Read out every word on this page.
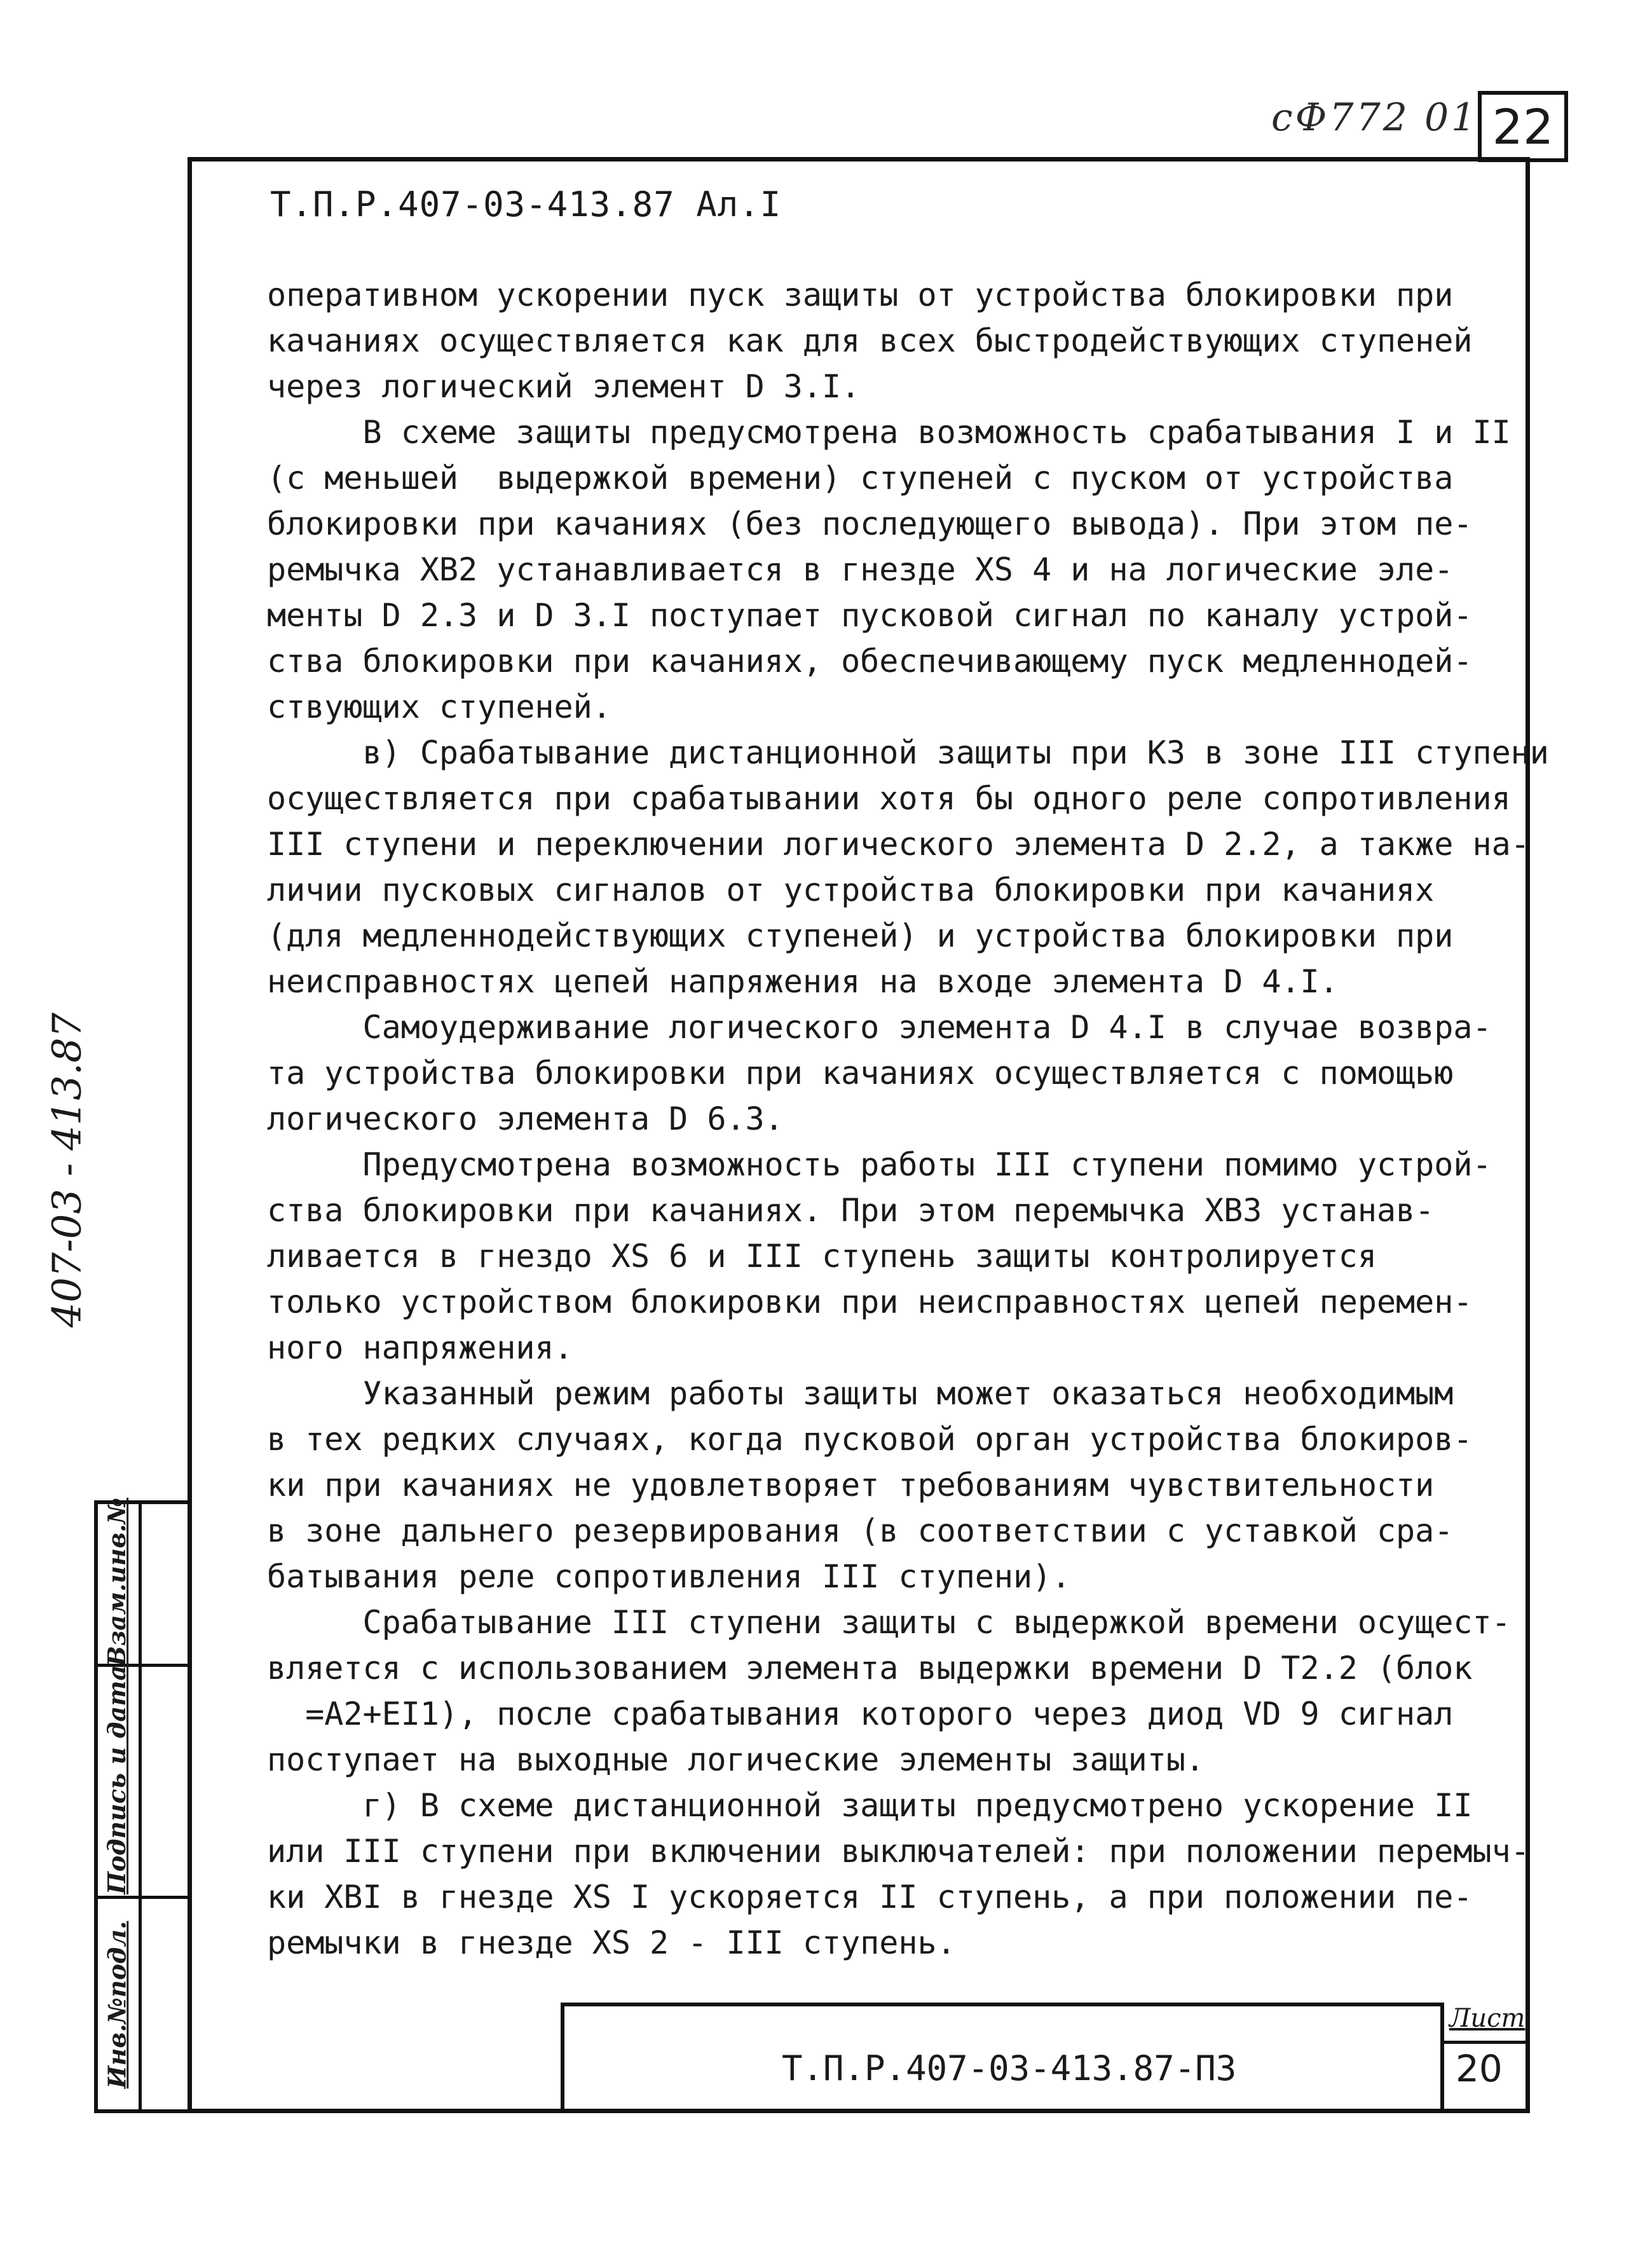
сФ772 01 22
Т.П.Р.407-03-413.87 Ал.I

оперативном ускорении пуск защиты от устройства блокировки при

качаниях осуществляется как для всех быстродействующих ступеней

через логический элемент D 3.I.

В схеме защиты предусмотрена возможность срабатывания I и II

(с меньшей  выдержкой времени) ступеней с пуском от устройства

блокировки при качаниях (без последующего вывода). При этом пе-

ремычка ХВ2 устанавливается в гнезде XS 4 и на логические эле-

менты D 2.3 и D 3.I поступает пусковой сигнал по каналу устрой-

ства блокировки при качаниях, обеспечивающему пуск медленнодей-

ствующих ступеней.

в) Срабатывание дистанционной защиты при КЗ в зоне III ступени

осуществляется при срабатывании хотя бы одного реле сопротивления

III ступени и переключении логического элемента D 2.2, а также на-

личии пусковых сигналов от устройства блокировки при качаниях

(для медленнодействующих ступеней) и устройства блокировки при

неисправностях цепей напряжения на входе элемента D 4.I.

Самоудерживание логического элемента D 4.I в случае возвра-

та устройства блокировки при качаниях осуществляется с помощью

логического элемента D 6.3.

Предусмотрена возможность работы III ступени помимо устрой-

ства блокировки при качаниях. При этом перемычка ХВ3 устанав-

ливается в гнездо XS 6 и III ступень защиты контролируется

только устройством блокировки при неисправностях цепей перемен-

ного напряжения.

Указанный режим работы защиты может оказаться необходимым

в тех редких случаях, когда пусковой орган устройства блокиров-

ки при качаниях не удовлетворяет требованиям чувствительности

в зоне дальнего резервирования (в соответствии с уставкой сра-

батывания реле сопротивления III ступени).

Срабатывание III ступени защиты с выдержкой времени осущест-

вляется с использованием элемента выдержки времени D T2.2 (блок

=А2+ЕI1), после срабатывания которого через диод VD 9 сигнал

поступает на выходные логические элементы защиты.

г) В схеме дистанционной защиты предусмотрено ускорение II

или III ступени при включении выключателей: при положении перемыч-

ки ХВI в гнезде XS I ускоряется II ступень, а при положении пе-

ремычки в гнезде XS 2 - III ступень.

407-03 - 413.87
Взам.инв.№
Подпись и дата
Инв.№подл.	Т.П.Р.407-03-413.87-ПЗ
Лист
20
